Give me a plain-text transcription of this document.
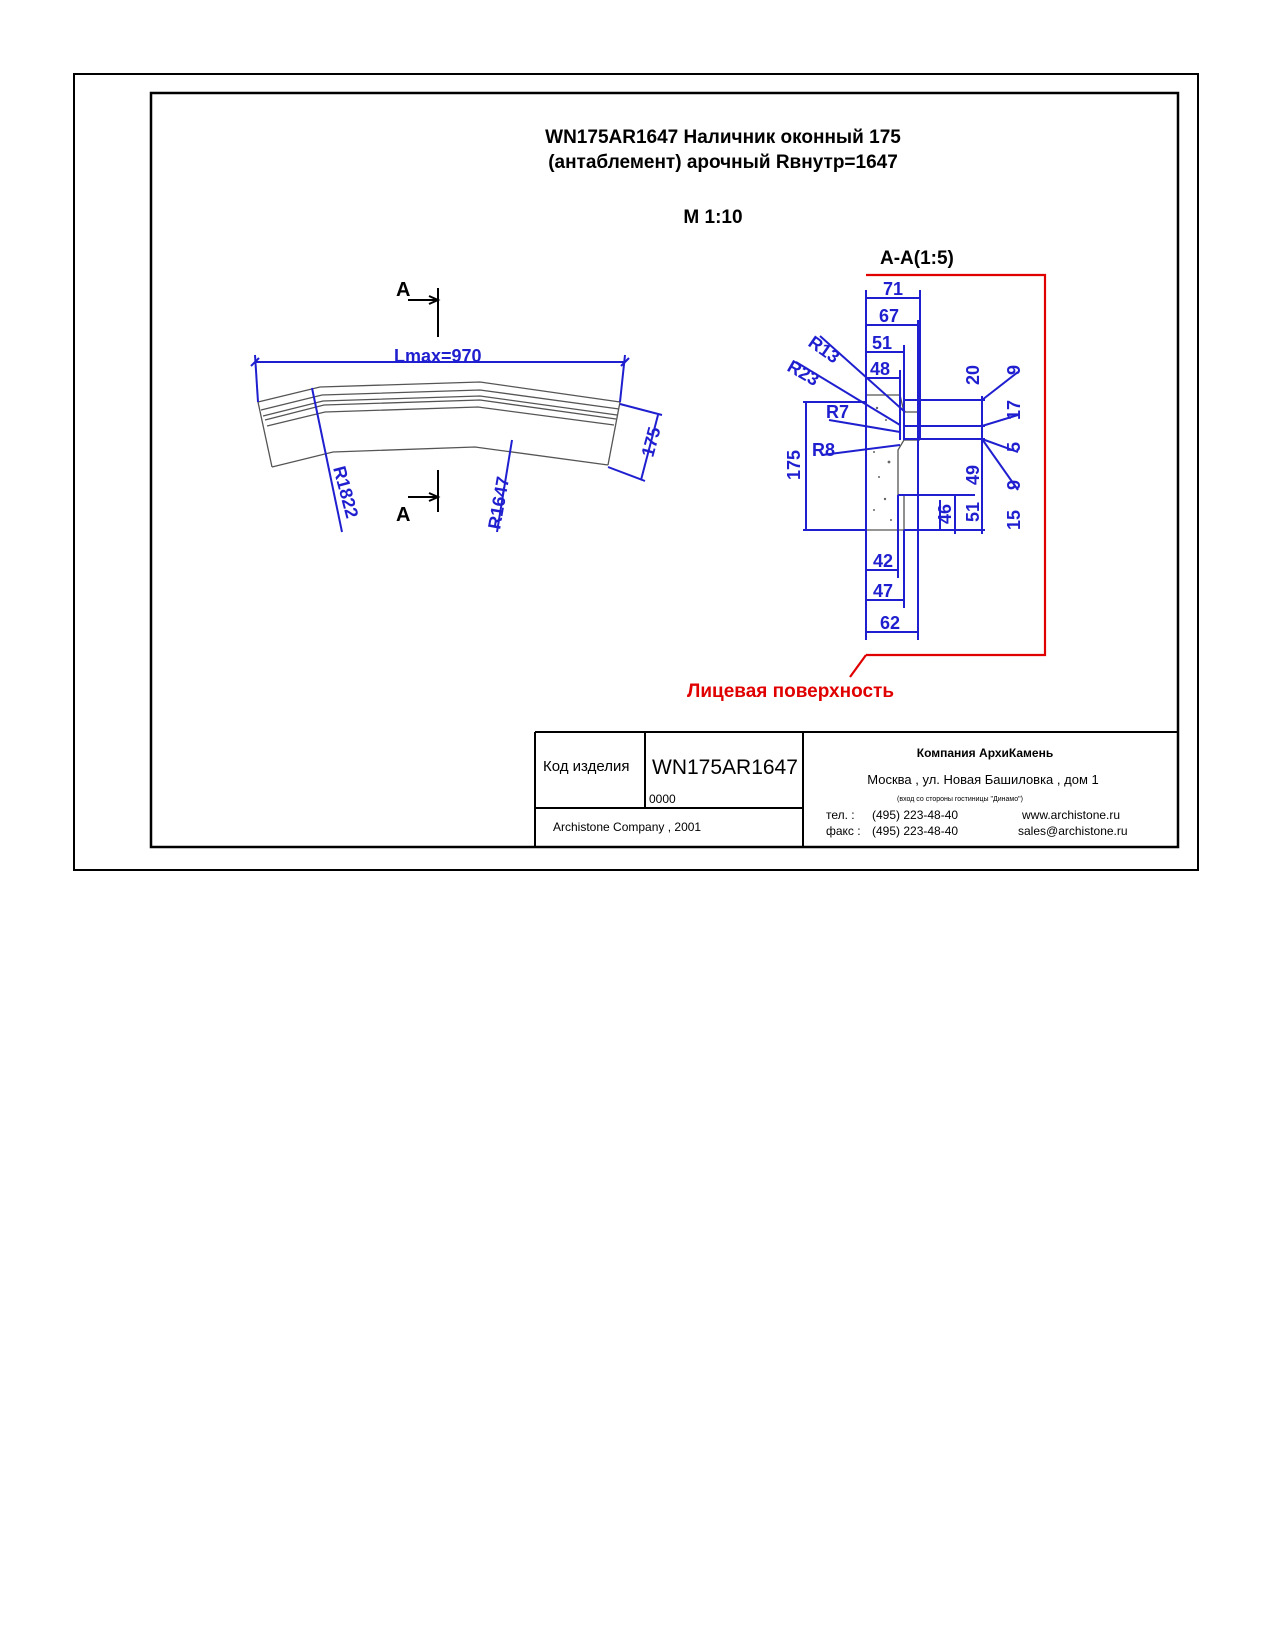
WN175AR1647 Наличник оконный 175
(антаблемент) арочный Rвнутр=1647
М 1:10
Lmax=970
R1822	R1647
175
А
А
А-А(1:5)
Лицевая поверхность
71
67
51
48
R13
R23
R7
R8
175
20
49
46 51
9
17
5
9
15
42
47
62
Код изделия WN175AR1647
0000
Archistone Company , 2001
Компания АрхиКамень
Москва , ул. Новая Башиловка , дом 1
(вход со стороны гостиницы "Динамо")
тел. : (495) 223-48-40
факс : (495) 223-48-40
www.archistone.ru
sales@archistone.ru
